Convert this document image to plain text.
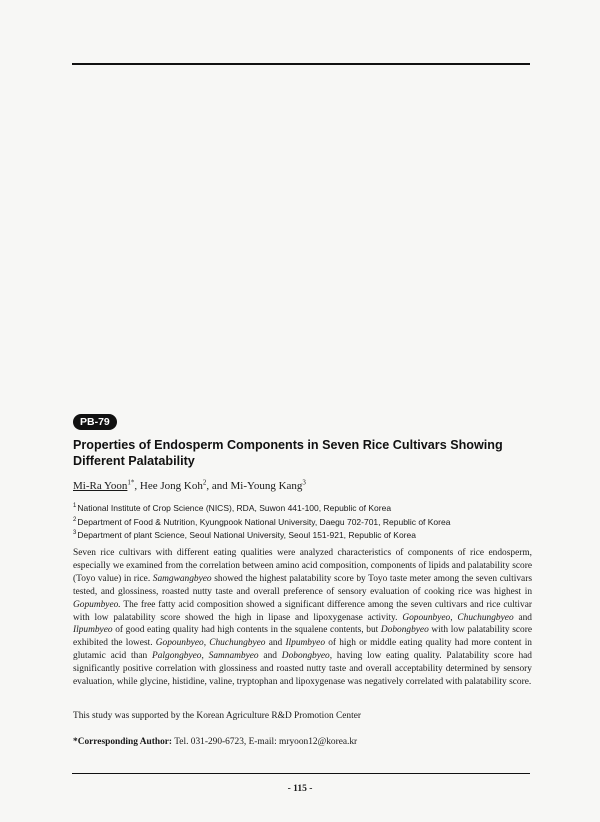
PB-79
Properties of Endosperm Components in Seven Rice Cultivars Showing Different Palatability
Mi-Ra Yoon$^{1*}$, Hee Jong Koh$^2$, and Mi-Young Kang$^3$
$^1$National Institute of Crop Science (NICS), RDA, Suwon 441-100, Republic of Korea
$^2$Department of Food & Nutrition, Kyungpook National University, Daegu 702-701, Republic of Korea
$^3$Department of plant Science, Seoul National University, Seoul 151-921, Republic of Korea
Seven rice cultivars with different eating qualities were analyzed characteristics of components of rice endosperm, especially we examined from the correlation between amino acid composition, components of lipids and palatability score (Toyo value) in rice. Samgwangbyeo showed the highest palatability score by Toyo taste meter among the seven cultivars tested, and glossiness, roasted nutty taste and overall preference of sensory evaluation of cooking rice was highest in Gopumbyeo. The free fatty acid composition showed a significant difference among the seven cultivars and rice cultivar with low palatability score showed the high in lipase and lipoxygenase activity. Gopounbyeo, Chuchungbyeo and Ilpumbyeo of good eating quality had high contents in the squalene contents, but Dobongbyeo with low palatability score exhibited the lowest. Gopounbyeo, Chuchungbyeo and Ilpumbyeo of high or middle eating quality had more content in glutamic acid than Palgongbyeo, Samnambyeo and Dobongbyeo, having low eating quality. Palatability score had significantly positive correlation with glossiness and roasted nutty taste and overall acceptability determined by sensory evaluation, while glycine, histidine, valine, tryptophan and lipoxygenase was negatively correlated with palatability score.
This study was supported by the Korean Agriculture R&D Promotion Center
*Corresponding Author: Tel. 031-290-6723, E-mail: mryoon12@korea.kr
- 115 -
